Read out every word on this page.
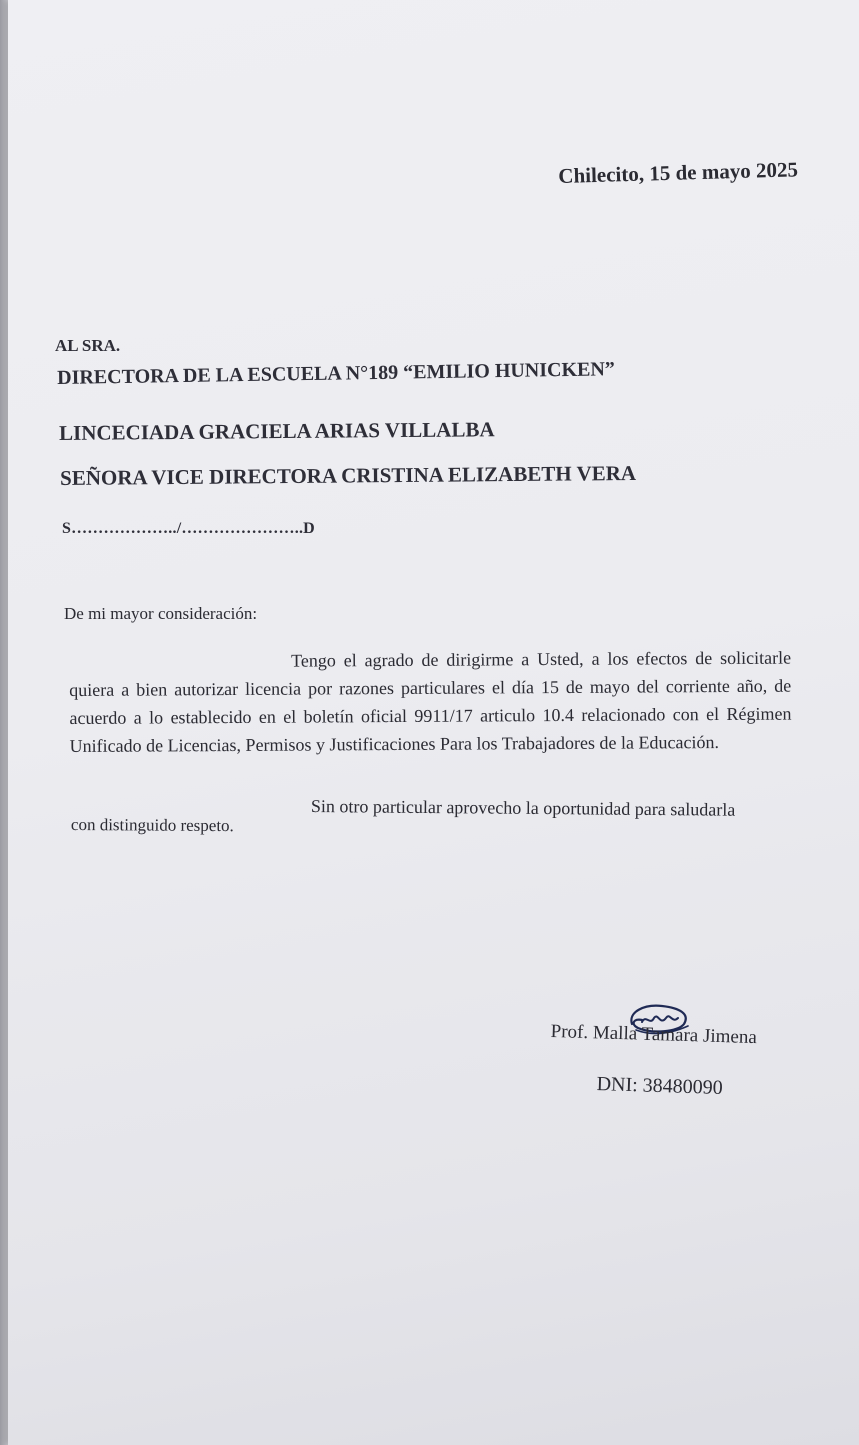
Chilecito, 15 de mayo 2025
AL SRA.
DIRECTORA DE LA ESCUELA N°189 “EMILIO HUNICKEN”
LINCECIADA GRACIELA ARIAS VILLALBA
SEÑORA VICE DIRECTORA CRISTINA ELIZABETH VERA
S………………../…………………..D
De mi mayor consideración:
Tengo el agrado de dirigirme a Usted, a los efectos de solicitarle quiera a bien autorizar licencia por razones particulares el día 15 de mayo del corriente año, de acuerdo a lo establecido en el boletín oficial 9911/17 articulo 10.4 relacionado con el Régimen Unificado de Licencias, Permisos y Justificaciones Para los Trabajadores de la Educación.
Sin otro particular aprovecho la oportunidad para saludarla
con distinguido respeto.
Prof. Malla Tamara Jimena
DNI: 38480090
